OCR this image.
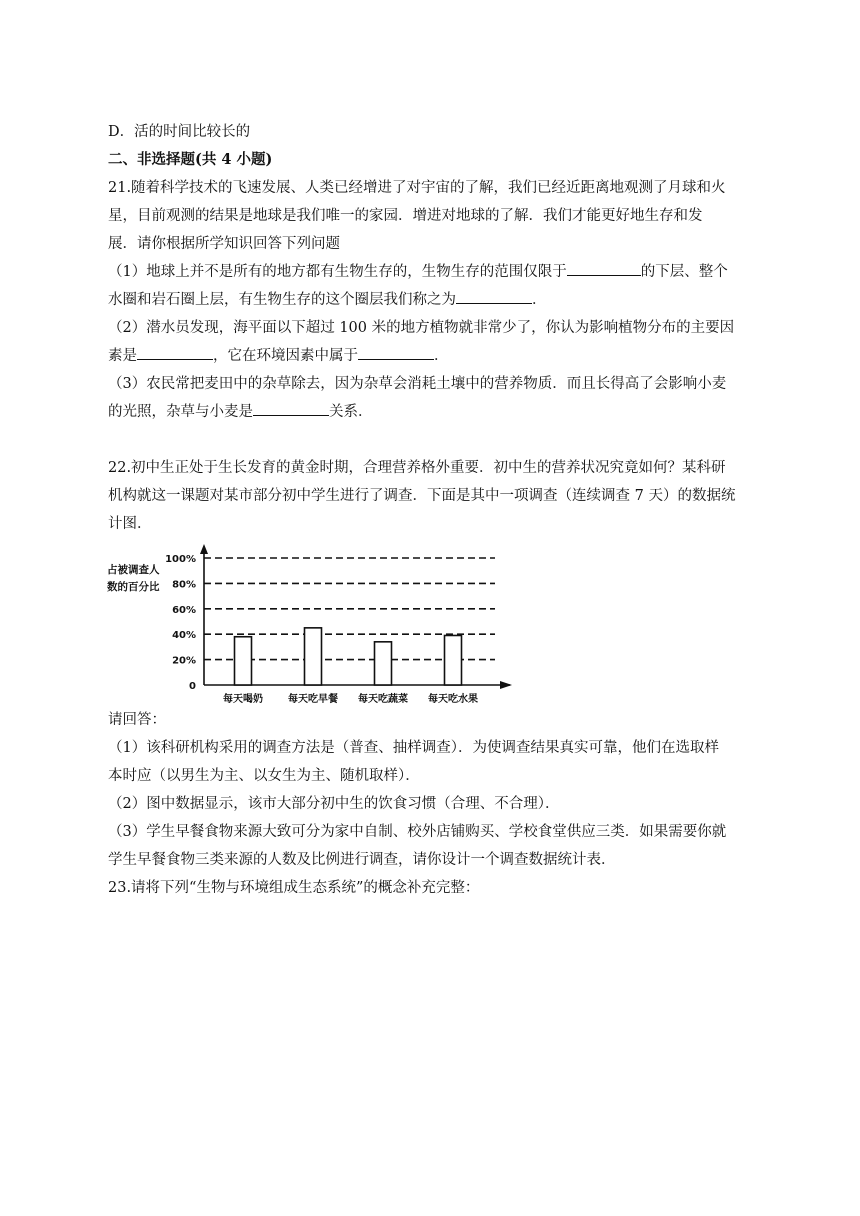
D．活的时间比较长的
二、非选择题(共 4 小题)
21.随着科学技术的飞速发展、人类已经增进了对宇宙的了解，我们已经近距离地观测了月球和火
星，目前观测的结果是地球是我们唯一的家园．增进对地球的了解．我们才能更好地生存和发
展．请你根据所学知识回答下列问题
（1）地球上并不是所有的地方都有生物生存的，生物生存的范围仅限于	的下层、整个
水圈和岩石圈上层，有生物生存的这个圈层我们称之为	．
（2）潜水员发现，海平面以下超过 100 米的地方植物就非常少了，你认为影响植物分布的主要因
素是	，它在环境因素中属于	．
（3）农民常把麦田中的杂草除去，因为杂草会消耗土壤中的营养物质．而且长得高了会影响小麦
的光照，杂草与小麦是	关系．
22.初中生正处于生长发育的黄金时期，合理营养格外重要．初中生的营养状况究竟如何？某科研
机构就这一课题对某市部分初中学生进行了调查．下面是其中一项调查（连续调查 7 天）的数据统
计图．
占被调查人
数的百分比
0
20%
40%
60%
80%
100%
每天喝奶	每天吃早餐 每天吃蔬菜 每天吃水果
请回答：
（1）该科研机构采用的调查方法是（普查、抽样调查）．为使调查结果真实可靠，他们在选取样
本时应（以男生为主、以女生为主、随机取样）．
（2）图中数据显示，该市大部分初中生的饮食习惯（合理、不合理）．
（3）学生早餐食物来源大致可分为家中自制、校外店铺购买、学校食堂供应三类．如果需要你就
学生早餐食物三类来源的人数及比例进行调查，请你设计一个调查数据统计表．
23.请将下列“生物与环境组成生态系统”的概念补充完整：
